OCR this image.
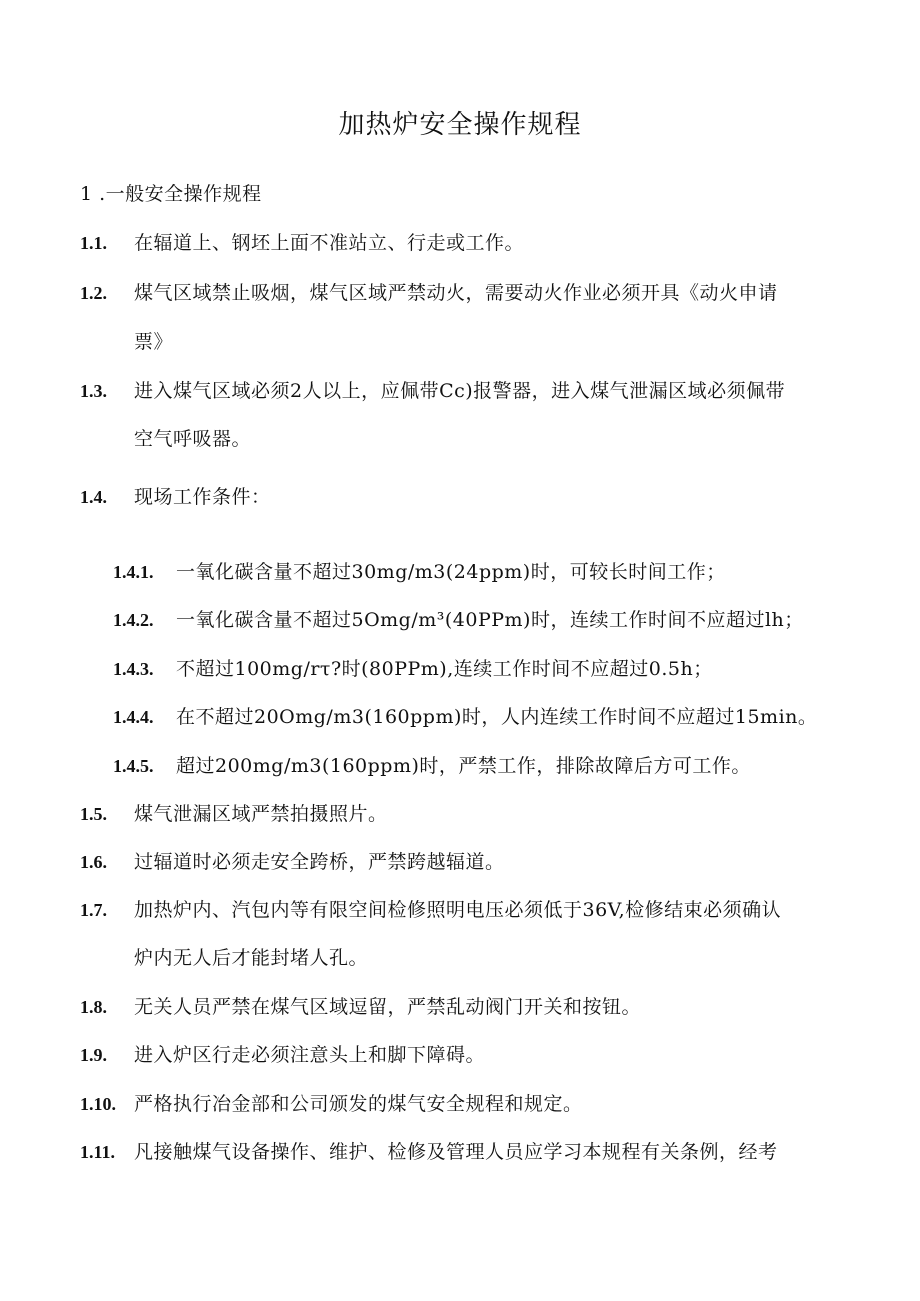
加热炉安全操作规程
1 .一般安全操作规程
1.1. 在辐道上、钢坯上面不准站立、行走或工作。
1.2. 煤气区域禁止吸烟，煤气区域严禁动火，需要动火作业必须开具《动火申请
票》
1.3. 进入煤气区域必须2人以上，应佩带Cc)报警器，进入煤气泄漏区域必须佩带
空气呼吸器。
1.4. 现场工作条件：
1.4.1. 一氧化碳含量不超过30mg∕m3(24ppm)时，可较长时间工作；
1.4.2. 一氧化碳含量不超过5Omg/m³(40PPm)时，连续工作时间不应超过lh；
1.4.3. 不超过100mg/rτ?时(80PPm),连续工作时间不应超过0.5h；
1.4.4. 在不超过20Omg/m3(160ppm)时，人内连续工作时间不应超过15min。
1.4.5. 超过200mg∕m3(160ppm)时，严禁工作，排除故障后方可工作。
1.5. 煤气泄漏区域严禁拍摄照片。
1.6. 过辐道时必须走安全跨桥，严禁跨越辐道。
1.7. 加热炉内、汽包内等有限空间检修照明电压必须低于36V,检修结束必须确认
炉内无人后才能封堵人孔。
1.8. 无关人员严禁在煤气区域逗留，严禁乱动阀门开关和按钮。
1.9. 进入炉区行走必须注意头上和脚下障碍。
1.10. 严格执行冶金部和公司颁发的煤气安全规程和规定。
1.11. 凡接触煤气设备操作、维护、检修及管理人员应学习本规程有关条例，经考
